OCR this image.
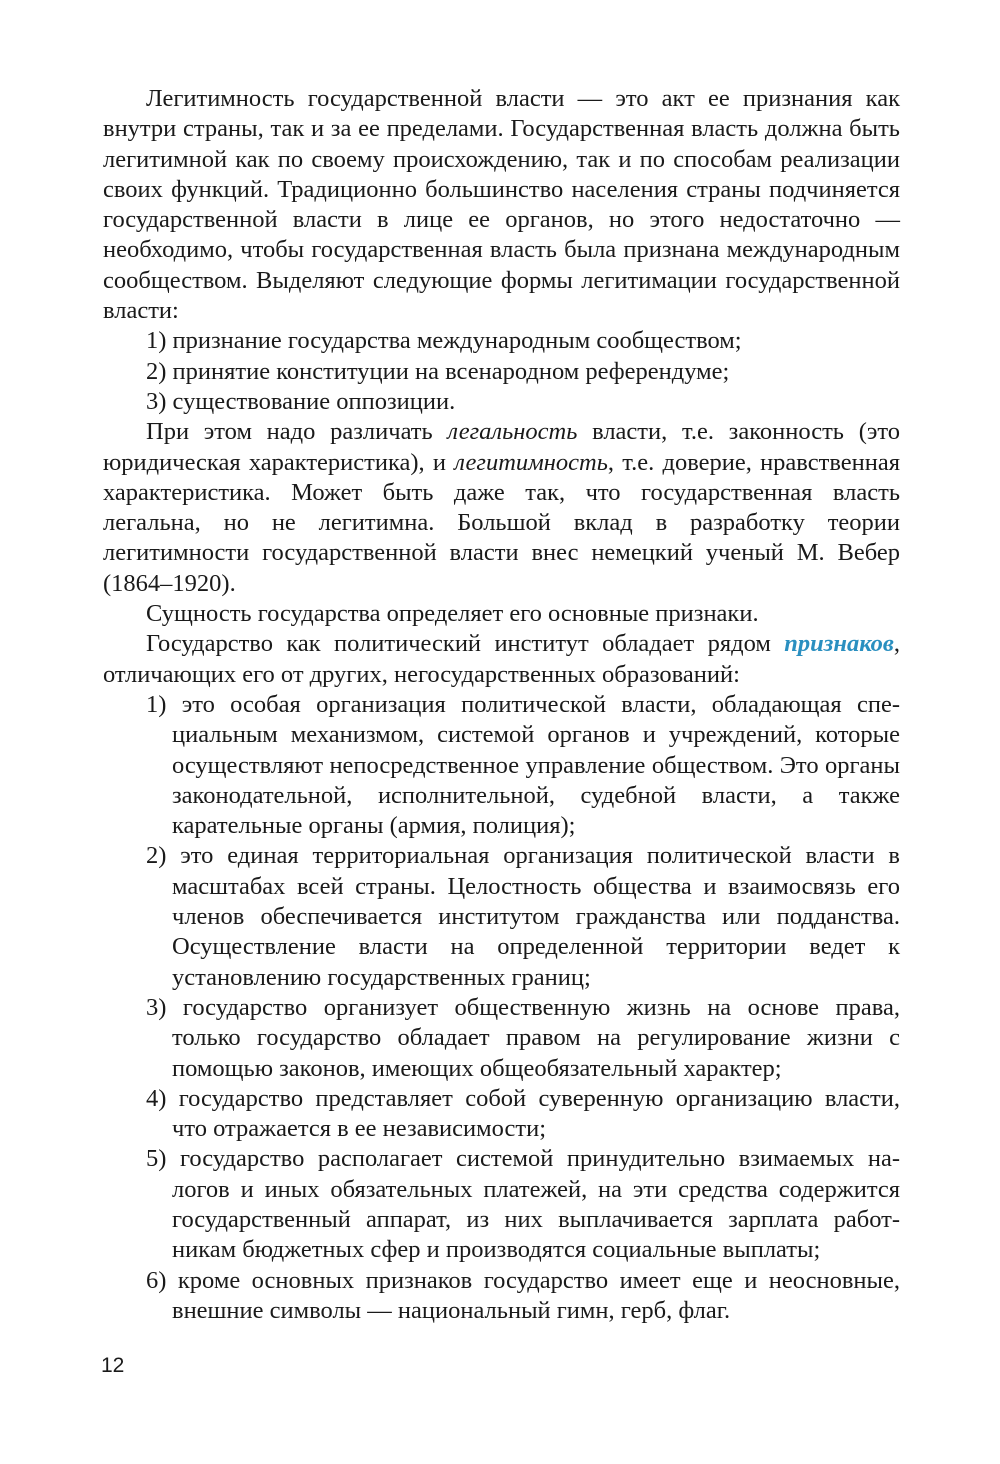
Легитимность государственной власти — это акт ее признания как внутри страны, так и за ее пределами. Государственная власть должна быть легитимной как по своему происхождению, так и по способам реализации своих функций. Традиционно большинство населения страны подчиняется государственной власти в лице ее органов, но этого недостаточно — необходимо, чтобы государственная власть была признана международным сообществом. Выделяют следующие формы легитимации государственной власти:

1) признание государства международным сообществом;

2) принятие конституции на всенародном референдуме;

3) существование оппозиции.

При этом надо различать легальность власти, т.е. законность (это юридическая характеристика), и легитимность, т.е. доверие, нравственная характеристика. Может быть даже так, что государственная власть легальна, но не легитимна. Большой вклад в разработку теории легитимности государственной власти внес немецкий ученый М. Вебер (1864–1920).

Сущность государства определяет его основные признаки.

Государство как политический институт обладает рядом признаков, отличающих его от других, негосударственных образований:

1) это особая организация политической власти, обладающая специальным механизмом, системой органов и учреждений, которые осуществляют непосредственное управление обществом. Это органы законодательной, исполнительной, судебной власти, а также карательные органы (армия, полиция);

2) это единая территориальная организация политической власти в масштабах всей страны. Целостность общества и взаимосвязь его членов обеспечивается институтом гражданства или подданства. Осуществление власти на определенной территории ведет к установлению государственных границ;

3) государство организует общественную жизнь на основе права, только государство обладает правом на регулирование жизни с помощью законов, имеющих общеобязательный характер;

4) государство представляет собой суверенную организацию власти, что отражается в ее независимости;

5) государство располагает системой принудительно взимаемых налогов и иных обязательных платежей, на эти средства содержится государственный аппарат, из них выплачивается зарплата работникам бюджетных сфер и производятся социальные выплаты;

6) кроме основных признаков государство имеет еще и неосновные, внешние символы — национальный гимн, герб, флаг.

12
